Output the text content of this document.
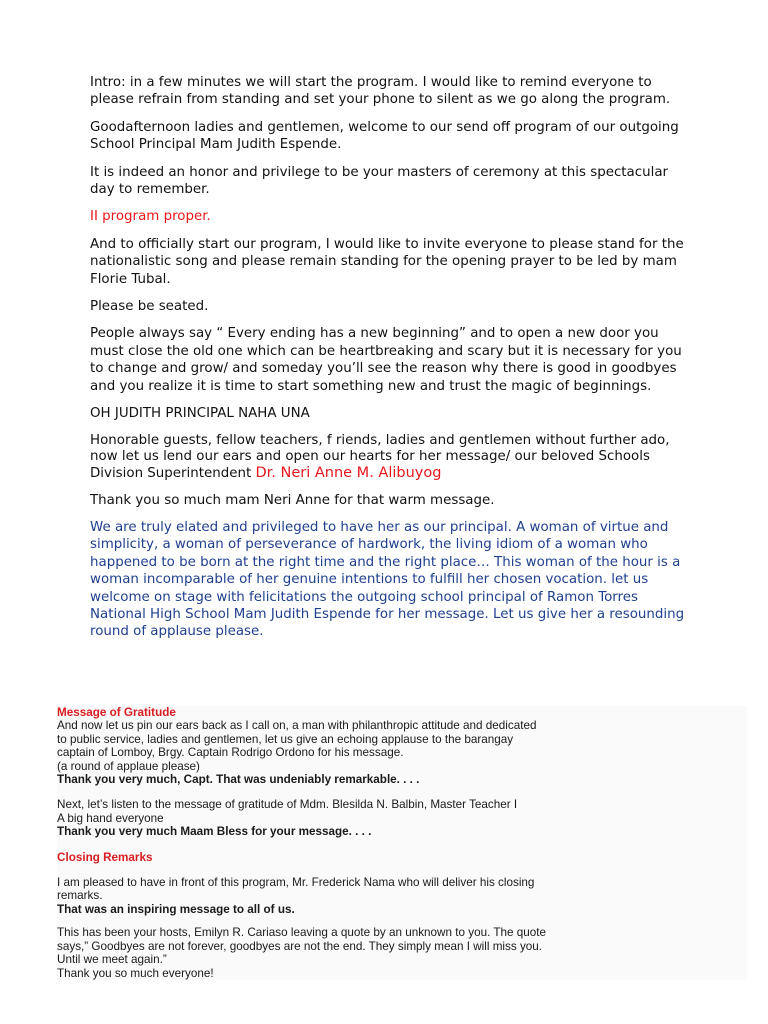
Intro: in a few minutes we will start the program. I would like to remind everyone to please refrain from standing and set your phone to silent as we go along the program.

Goodafternoon ladies and gentlemen, welcome to our send off program of our outgoing School Principal Mam Judith Espende.

It is indeed an honor and privilege to be your masters of ceremony at this spectacular day to remember.

II program proper.

And to officially start our program, I would like to invite everyone to please stand for the nationalistic song and please remain standing for the opening prayer to be led by mam Florie Tubal.

Please be seated.

People always say “ Every ending has a new beginning” and to open a new door you must close the old one which can be heartbreaking and scary but it is necessary for you to change and grow/ and someday you’ll see the reason why there is good in goodbyes and you realize it is time to start something new and trust the magic of beginnings.

OH JUDITH PRINCIPAL NAHA UNA

Honorable guests, fellow teachers, f riends, ladies and gentlemen without further ado, now let us lend our ears and open our hearts for her message/ our beloved Schools Division Superintendent Dr. Neri Anne M. Alibuyog

Thank you so much mam Neri Anne for that warm message.

We are truly elated and privileged to have her as our principal. A woman of virtue and simplicity, a woman of perseverance of hardwork, the living idiom of a woman who happened to be born at the right time and the right place… This woman of the hour is a woman incomparable of her genuine intentions to fulfill her chosen vocation. let us welcome on stage with felicitations the outgoing school principal of Ramon Torres National High School Mam Judith Espende for her message. Let us give her a resounding round of applause please.

Message of Gratitude

And now let us pin our ears back as I call on, a man with philanthropic attitude and dedicated

to public service, ladies and gentlemen, let us give an echoing applause to the barangay

captain of Lomboy, Brgy. Captain Rodrigo Ordono for his message.

(a round of applaue please)

Thank you very much, Capt. That was undeniably remarkable. . . .

Next, let’s listen to the message of gratitude of Mdm. Blesilda N. Balbin, Master Teacher I

A big hand everyone

Thank you very much Maam Bless for your message. . . .

Closing Remarks

I am pleased to have in front of this program, Mr. Frederick Nama who will deliver his closing

remarks.

That was an inspiring message to all of us.

This has been your hosts, Emilyn R. Cariaso leaving a quote by an unknown to you. The quote

says,” Goodbyes are not forever, goodbyes are not the end. They simply mean I will miss you.

Until we meet again.”

Thank you so much everyone!
